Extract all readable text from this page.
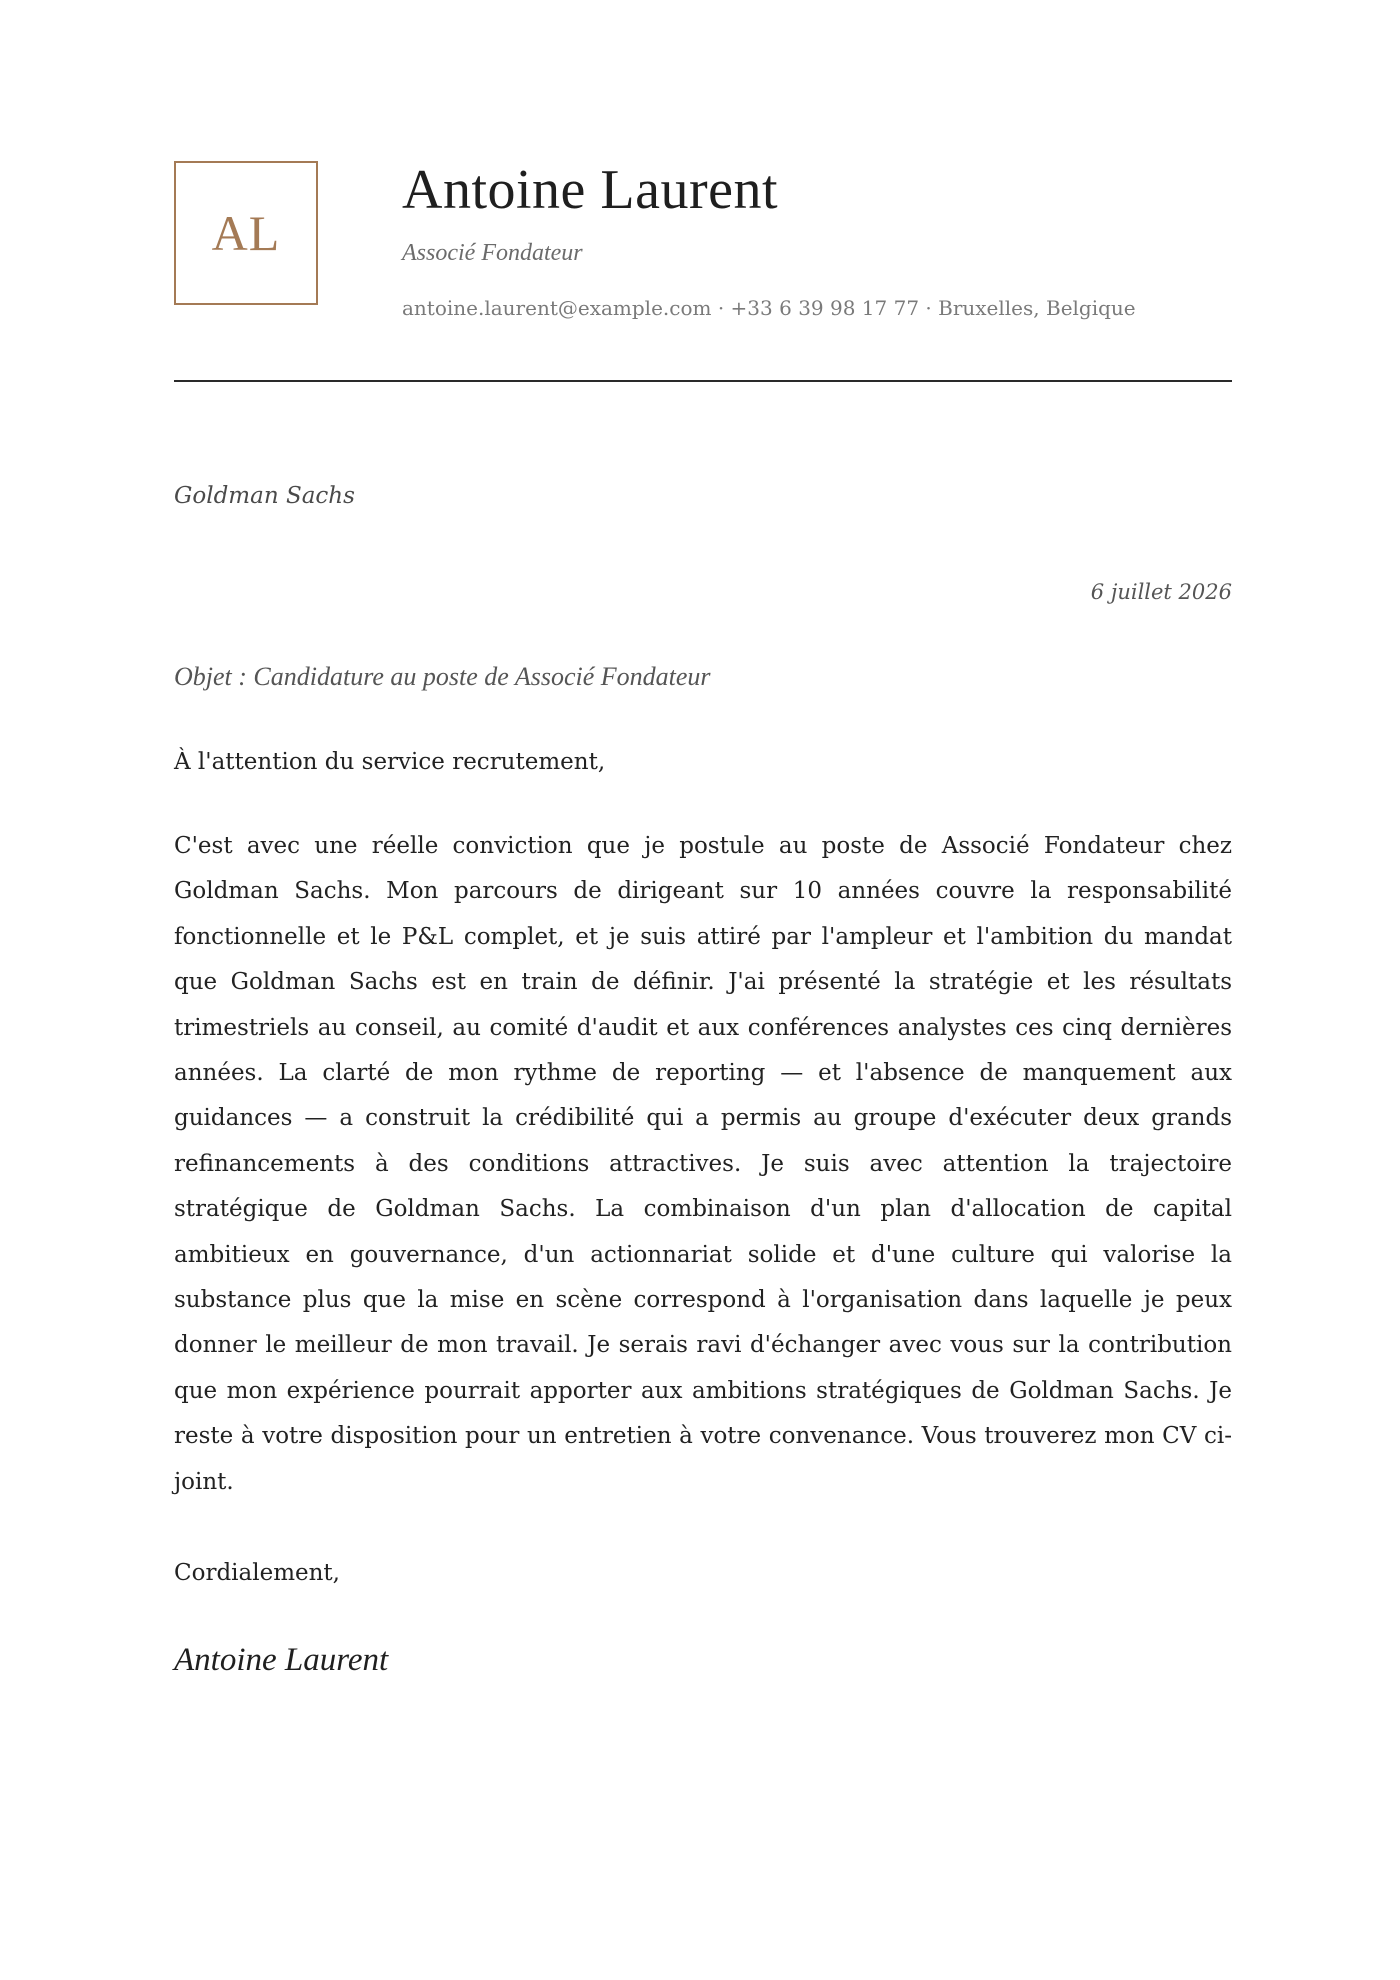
AL
Antoine Laurent
Associé Fondateur
antoine.laurent@example.com · +33 6 39 98 17 77 · Bruxelles, Belgique
Goldman Sachs
6 juillet 2026
Objet : Candidature au poste de Associé Fondateur
À l'attention du service recrutement,

C'est avec une réelle conviction que je postule au poste de Associé Fondateur chez Goldman Sachs. Mon parcours de dirigeant sur 10 années couvre la responsabilité fonctionnelle et le P&L complet, et je suis attiré par l'ampleur et l'ambition du mandat que Goldman Sachs est en train de définir. J'ai présenté la stratégie et les résultats trimestriels au conseil, au comité d'audit et aux conférences analystes ces cinq dernières années. La clarté de mon rythme de reporting — et l'absence de manquement aux guidances — a construit la crédibilité qui a permis au groupe d'exécuter deux grands refinancements à des conditions attractives. Je suis avec attention la trajectoire stratégique de Goldman Sachs. La combinaison d'un plan d'allocation de capital ambitieux en gouvernance, d'un actionnariat solide et d'une culture qui valorise la substance plus que la mise en scène correspond à l'organisation dans laquelle je peux donner le meilleur de mon travail. Je serais ravi d'échanger avec vous sur la contribution que mon expérience pourrait apporter aux ambitions stratégiques de Goldman Sachs. Je reste à votre disposition pour un entretien à votre convenance. Vous trouverez mon CV ci-joint.

Cordialement,
Antoine Laurent
